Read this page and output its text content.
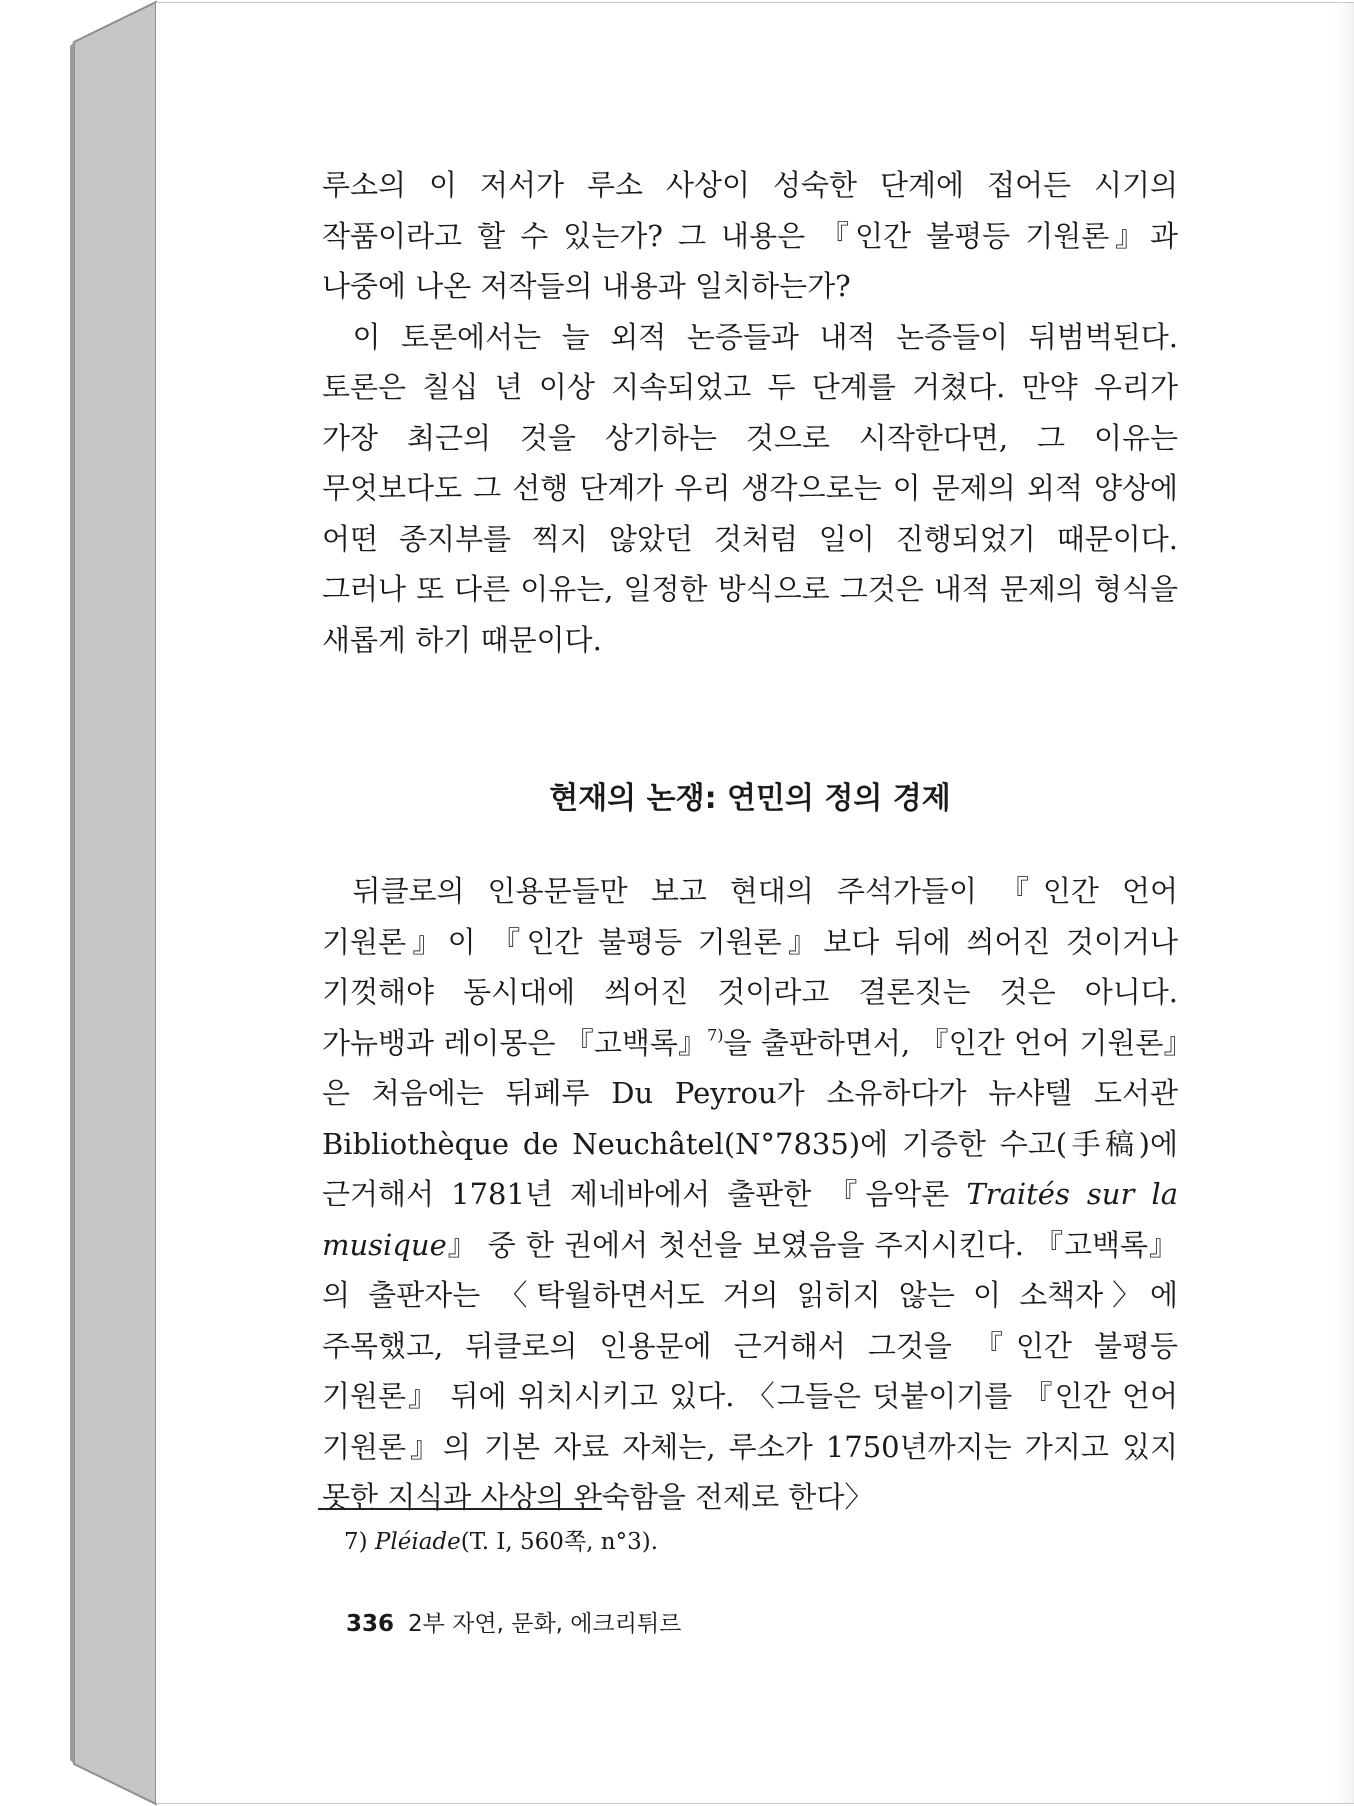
루소의 이 저서가 루소 사상이 성숙한 단계에 접어든 시기의 작품이라고 할 수 있는가? 그 내용은 『인간 불평등 기원론』과 나중에 나온 저작들의 내용과 일치하는가?

이 토론에서는 늘 외적 논증들과 내적 논증들이 뒤범벅된다. 토론은 칠십 년 이상 지속되었고 두 단계를 거쳤다. 만약 우리가 가장 최근의 것을 상기하는 것으로 시작한다면, 그 이유는 무엇보다도 그 선행 단계가 우리 생각으로는 이 문제의 외적 양상에 어떤 종지부를 찍지 않았던 것처럼 일이 진행되었기 때문이다. 그러나 또 다른 이유는, 일정한 방식으로 그것은 내적 문제의 형식을 새롭게 하기 때문이다.

현재의 논쟁: 연민의 정의 경제

뒤클로의 인용문들만 보고 현대의 주석가들이 『인간 언어 기원론』이 『인간 불평등 기원론』보다 뒤에 씌어진 것이거나 기껏해야 동시대에 씌어진 것이라고 결론짓는 것은 아니다. 가뉴뱅과 레이몽은 『고백록』$^{7)}$을 출판하면서, 『인간 언어 기원론』은 처음에는 뒤페루 Du Peyrou가 소유하다가 뉴샤텔 도서관 Bibliothèque de Neuchâtel(N°7835)에 기증한 수고(手稿)에 근거해서 1781년 제네바에서 출판한 『음악론 Traités sur la musique』 중 한 권에서 첫선을 보였음을 주지시킨다. 『고백록』의 출판자는 〈탁월하면서도 거의 읽히지 않는 이 소책자〉에 주목했고, 뒤클로의 인용문에 근거해서 그것을 『인간 불평등 기원론』 뒤에 위치시키고 있다. 〈그들은 덧붙이기를 『인간 언어 기원론』의 기본 자료 자체는, 루소가 1750년까지는 가지고 있지 못한 지식과 사상의 완숙함을 전제로 한다〉

7) Pléiade(T. I, 560쪽, n°3).
336 2부 자연, 문화, 에크리튀르
